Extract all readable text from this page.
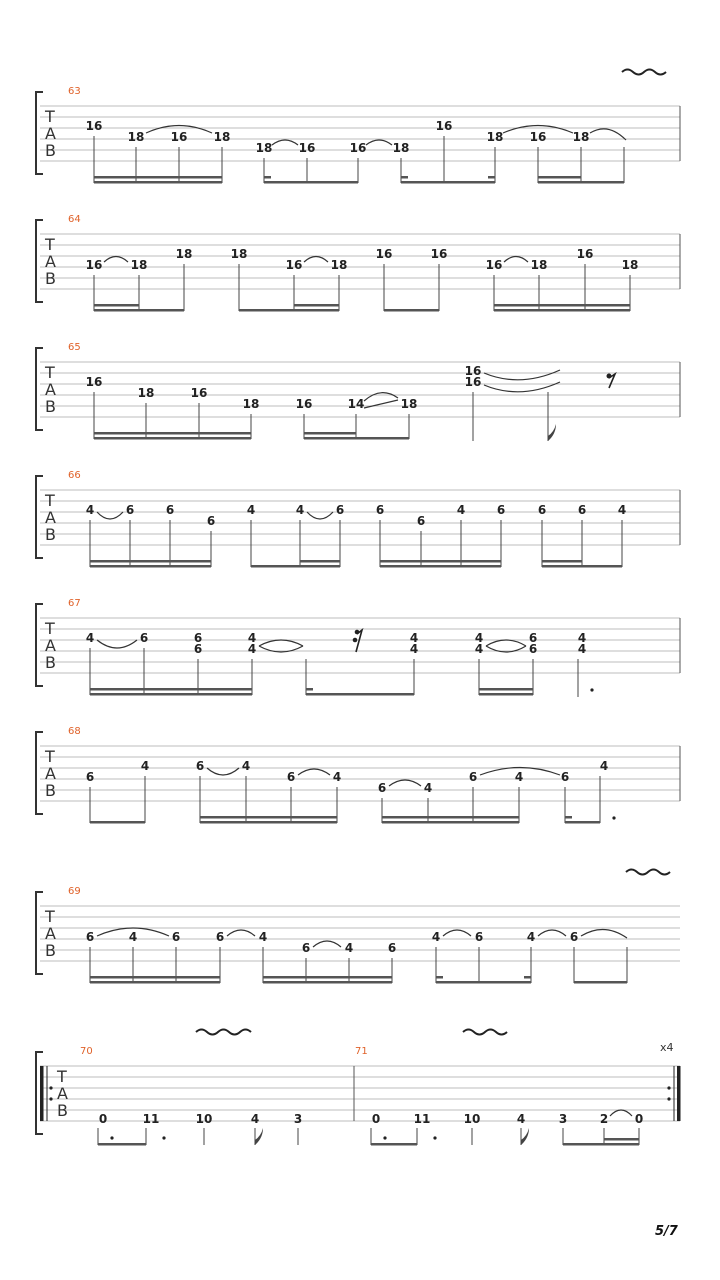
T
A
B
63
16
18 16 18
18 16	16 18
16
18 16 18
T
A
B
64
16 18
18	18
16 18
16	16
16 18
16
18
T
A
B
65
16
18	16
18	16	14	18
16
16
T
A
B
66
4	6	6
6
4	4	6	6
6
4	6	6	6	4
T
A
B
67
4	6	6
6
4
4
4
4
4
4
6
6
4
4
T
A
B
68
6
4	6	4
6	4
6	4
6	4	6
4
T
A
B
69
6	4	6	6	4
6	4	6
4	6	4	6
T
A
B
70	71	x4
0	11	10	4	3	0	11	10	4	3	2 0
5/7
